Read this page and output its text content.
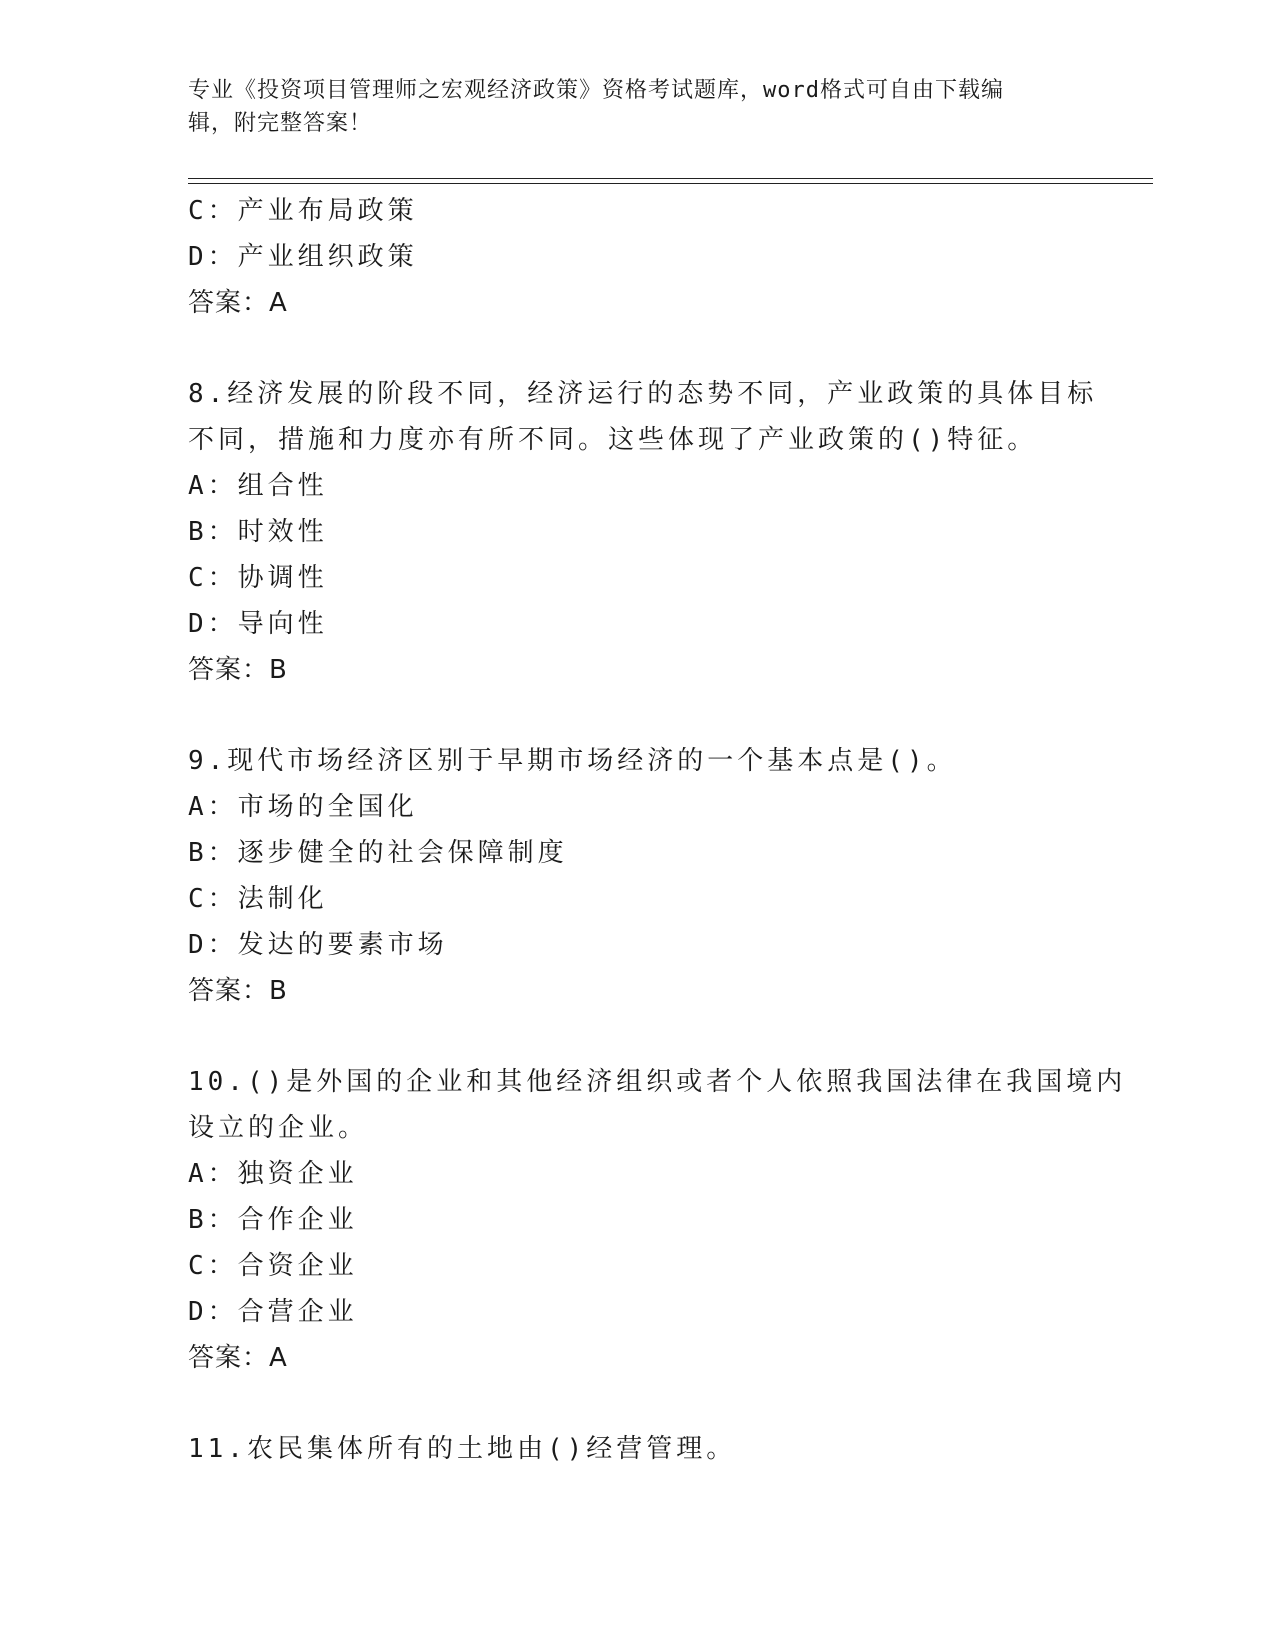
专业《投资项目管理师之宏观经济政策》资格考试题库，word格式可自由下载编
辑，附完整答案！
C：产业布局政策
D：产业组织政策
答案：A
8.经济发展的阶段不同，经济运行的态势不同，产业政策的具体目标
不同，措施和力度亦有所不同。这些体现了产业政策的()特征。
A：组合性
B：时效性
C：协调性
D：导向性
答案：B
9.现代市场经济区别于早期市场经济的一个基本点是()。
A：市场的全国化
B：逐步健全的社会保障制度
C：法制化
D：发达的要素市场
答案：B
10.()是外国的企业和其他经济组织或者个人依照我国法律在我国境内
设立的企业。
A：独资企业
B：合作企业
C：合资企业
D：合营企业
答案：A
11.农民集体所有的土地由()经营管理。
